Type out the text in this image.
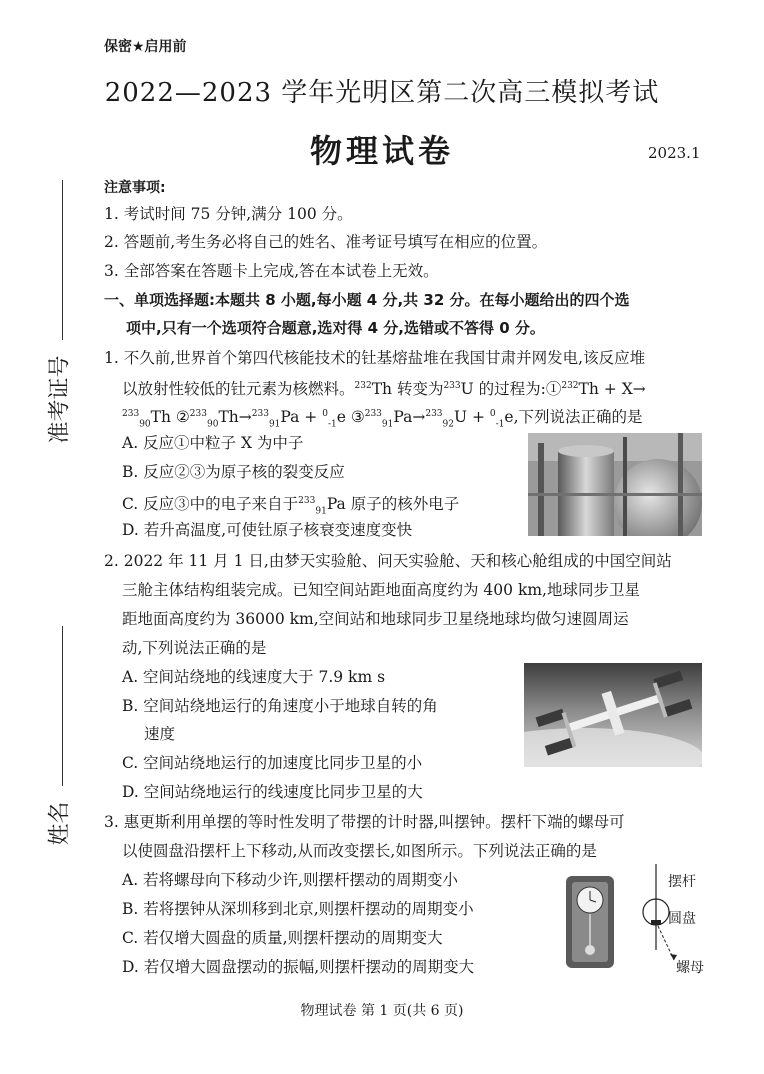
保密★启用前
2022—2023 学年光明区第二次高三模拟考试
物理试卷	2023.1
准考证号
姓名
注意事项:
1. 考试时间 75 分钟,满分 100 分。
2. 答题前,考生务必将自己的姓名、准考证号填写在相应的位置。
3. 全部答案在答题卡上完成,答在本试卷上无效。
一、单项选择题:本题共 8 小题,每小题 4 分,共 32 分。在每小题给出的四个选
项中,只有一个选项符合题意,选对得 4 分,选错或不答得 0 分。
1. 不久前,世界首个第四代核能技术的钍基熔盐堆在我国甘肃并网发电,该反应堆
以放射性较低的钍元素为核燃料。$^{232}$Th 转变为$^{233}$U 的过程为:①$^{232}$Th + X→
$^{233}_{90}$Th ②$^{233}_{90}$Th→$^{233}_{91}$Pa + $^0_{-1}$e ③$^{233}_{91}$Pa→$^{233}_{92}$U + $^0_{-1}$e,下列说法正确的是
A. 反应①中粒子 X 为中子
B. 反应②③为原子核的裂变反应
C. 反应③中的电子来自于$^{233}_{91}$Pa 原子的核外电子
D. 若升高温度,可使钍原子核衰变速度变快
2. 2022 年 11 月 1 日,由梦天实验舱、问天实验舱、天和核心舱组成的中国空间站
三舱主体结构组装完成。已知空间站距地面高度约为 400 km,地球同步卫星
距地面高度约为 36000 km,空间站和地球同步卫星绕地球均做匀速圆周运
动,下列说法正确的是
A. 空间站绕地的线速度大于 7.9 km s
B. 空间站绕地运行的角速度小于地球自转的角
速度
C. 空间站绕地运行的加速度比同步卫星的小
D. 空间站绕地运行的线速度比同步卫星的大
3. 惠更斯利用单摆的等时性发明了带摆的计时器,叫摆钟。摆杆下端的螺母可
以使圆盘沿摆杆上下移动,从而改变摆长,如图所示。下列说法正确的是
A. 若将螺母向下移动少许,则摆杆摆动的周期变小
B. 若将摆钟从深圳移到北京,则摆杆摆动的周期变小
C. 若仅增大圆盘的质量,则摆杆摆动的周期变大
D. 若仅增大圆盘摆动的振幅,则摆杆摆动的周期变大
摆杆
圆盘
螺母
物理试卷 第 1 页(共 6 页)
